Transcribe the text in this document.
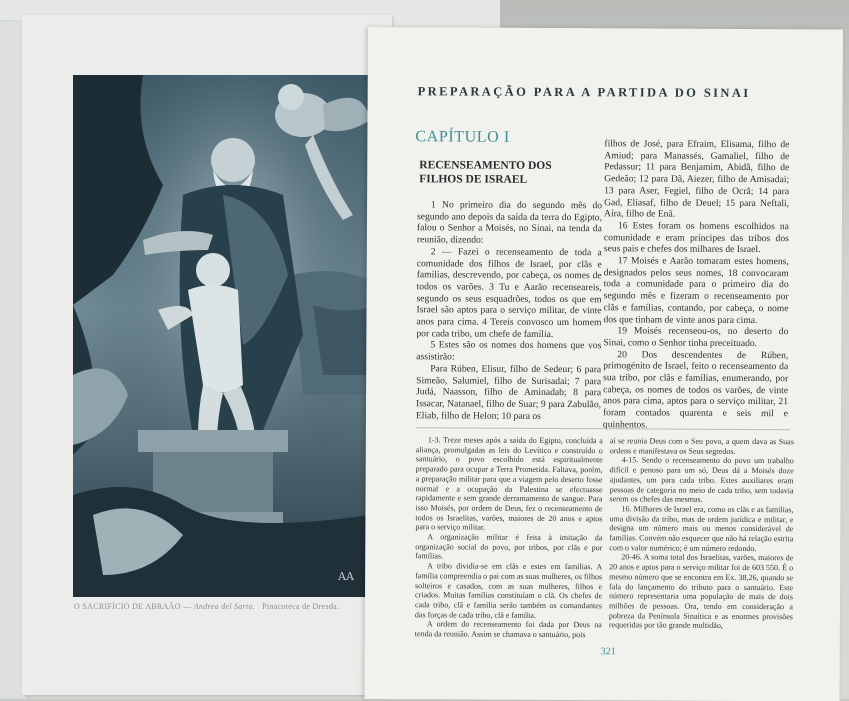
AA
O SACRIFÍCIO DE ABRAÃO — Andrea del Sarto. Pinacoteca de Dresda.
PREPARAÇÃO PARA A PARTIDA DO SINAI
CAPÍTULO I
RECENSEAMENTO DOS
FILHOS DE ISRAEL

1 No primeiro dia do segundo mês do segundo ano depois da saída da terra do Egipto, falou o Senhor a Moisés, no Sinai, na tenda da reunião, dizendo:

2 — Fazei o recenseamento de toda a comunidade dos filhos de Israel, por clãs e famílias, descrevendo, por cabeça, os nomes de todos os varões. 3 Tu e Aarão recenseareis, segundo os seus esquadrões, todos os que em Israel são aptos para o serviço militar, de vinte anos para cima. 4 Tereis convosco um homem por cada tribo, um chefe de família.

5 Estes são os nomes dos homens que vos assistirão:

Para Rúben, Elisur, filho de Sedeur; 6 para Simeão, Salumiel, filho de Surisadai; 7 para Judá, Naasson, filho de Aminadab; 8 para Issacar, Natanael, filho de Suar; 9 para Zabulão, Eliab, filho de Helon; 10 para os

filhos de José, para Efraim, Elisama, filho de Amiud; para Manassés, Gamaliel, filho de Pedassur; 11 para Benjamim, Abidã, filho de Gedeão; 12 para Dã, Aiezer, filho de Amisadai; 13 para Aser, Fegiel, filho de Ocrã; 14 para Gad, Eliasaf, filho de Deuel; 15 para Neftali, Aíra, filho de Enã.

16 Estes foram os homens escolhidos na comunidade e eram príncipes das tribos dos seus pais e chefes dos milhares de Israel.

17 Moisés e Aarão tomaram estes homens, designados pelos seus nomes, 18 convocaram toda a comunidade para o primeiro dia do segundo mês e fizeram o recenseamento por clãs e famílias, contando, por cabeça, o nome dos que tinham de vinte anos para cima.

19 Moisés recenseou-os, no deserto do Sinai, como o Senhor tinha preceituado.

20 Dos descendentes de Rúben, primogénito de Israel, feito o recenseamento da sua tribo, por clãs e famílias, enumerando, por cabeça, os nomes de todos os varões, de vinte anos para cima, aptos para o serviço militar, 21 foram contados quarenta e seis mil e quinhentos.

1-3. Treze meses após a saída do Egipto, concluída a aliança, promulgadas as leis do Levítico e construído o santuário, o povo escolhido está espiritualmente preparado para ocupar a Terra Prometida. Faltava, porém, a preparação militar para que a viagem pelo deserto fosse normal e a ocupação da Palestina se efectuasse rapidamente e sem grande derramamento de sangue. Para isso Moisés, por ordem de Deus, fez o recenseamento de todos os Israelitas, varões, maiores de 20 anos e aptos para o serviço militar.

A organização militar é feita à imitação da organização social do povo, por tribos, por clãs e por famílias.

A tribo dividia-se em clãs e estes em famílias. A família compreendia o pai com as suas mulheres, os filhos solteiros e casados, com as suas mulheres, filhos e criados. Muitas famílias constituíam o clã. Os chefes de cada tribo, clã e família serão também os comandantes das forças de cada tribo, clã e família.

A ordem do recenseamento foi dada por Deus na tenda da reunião. Assim se chamava o santuário, pois

aí se reunia Deus com o Seu povo, a quem dava as Suas ordens e manifestava os Seus segredos.

4-15. Sendo o recenseamento do povo um trabalho difícil e penoso para um só, Deus dá a Moisés doze ajudantes, um para cada tribo. Estes auxiliares eram pessoas de categoria no meio de cada tribo, sem todavia serem os chefes das mesmas.

16. Milhares de Israel era, como os clãs e as famílias, uma divisão da tribo, mas de ordem jurídica e militar, e designa um número mais ou menos considerável de famílias. Convém não esquecer que não há relação estrita com o valor numérico; é um número redondo.

20-46. A soma total dos Israelitas, varões, maiores de 20 anos e aptos para o serviço militar foi de 603 550. É o mesmo número que se encontra em Ex. 38,26, quando se fala do lançamento do tributo para o santuário. Este número representaria uma população de mais de dois milhões de pessoas. Ora, tendo em consideração a pobreza da Península Sinaítica e as enormes provisões requeridas por tão grande multidão,

321
